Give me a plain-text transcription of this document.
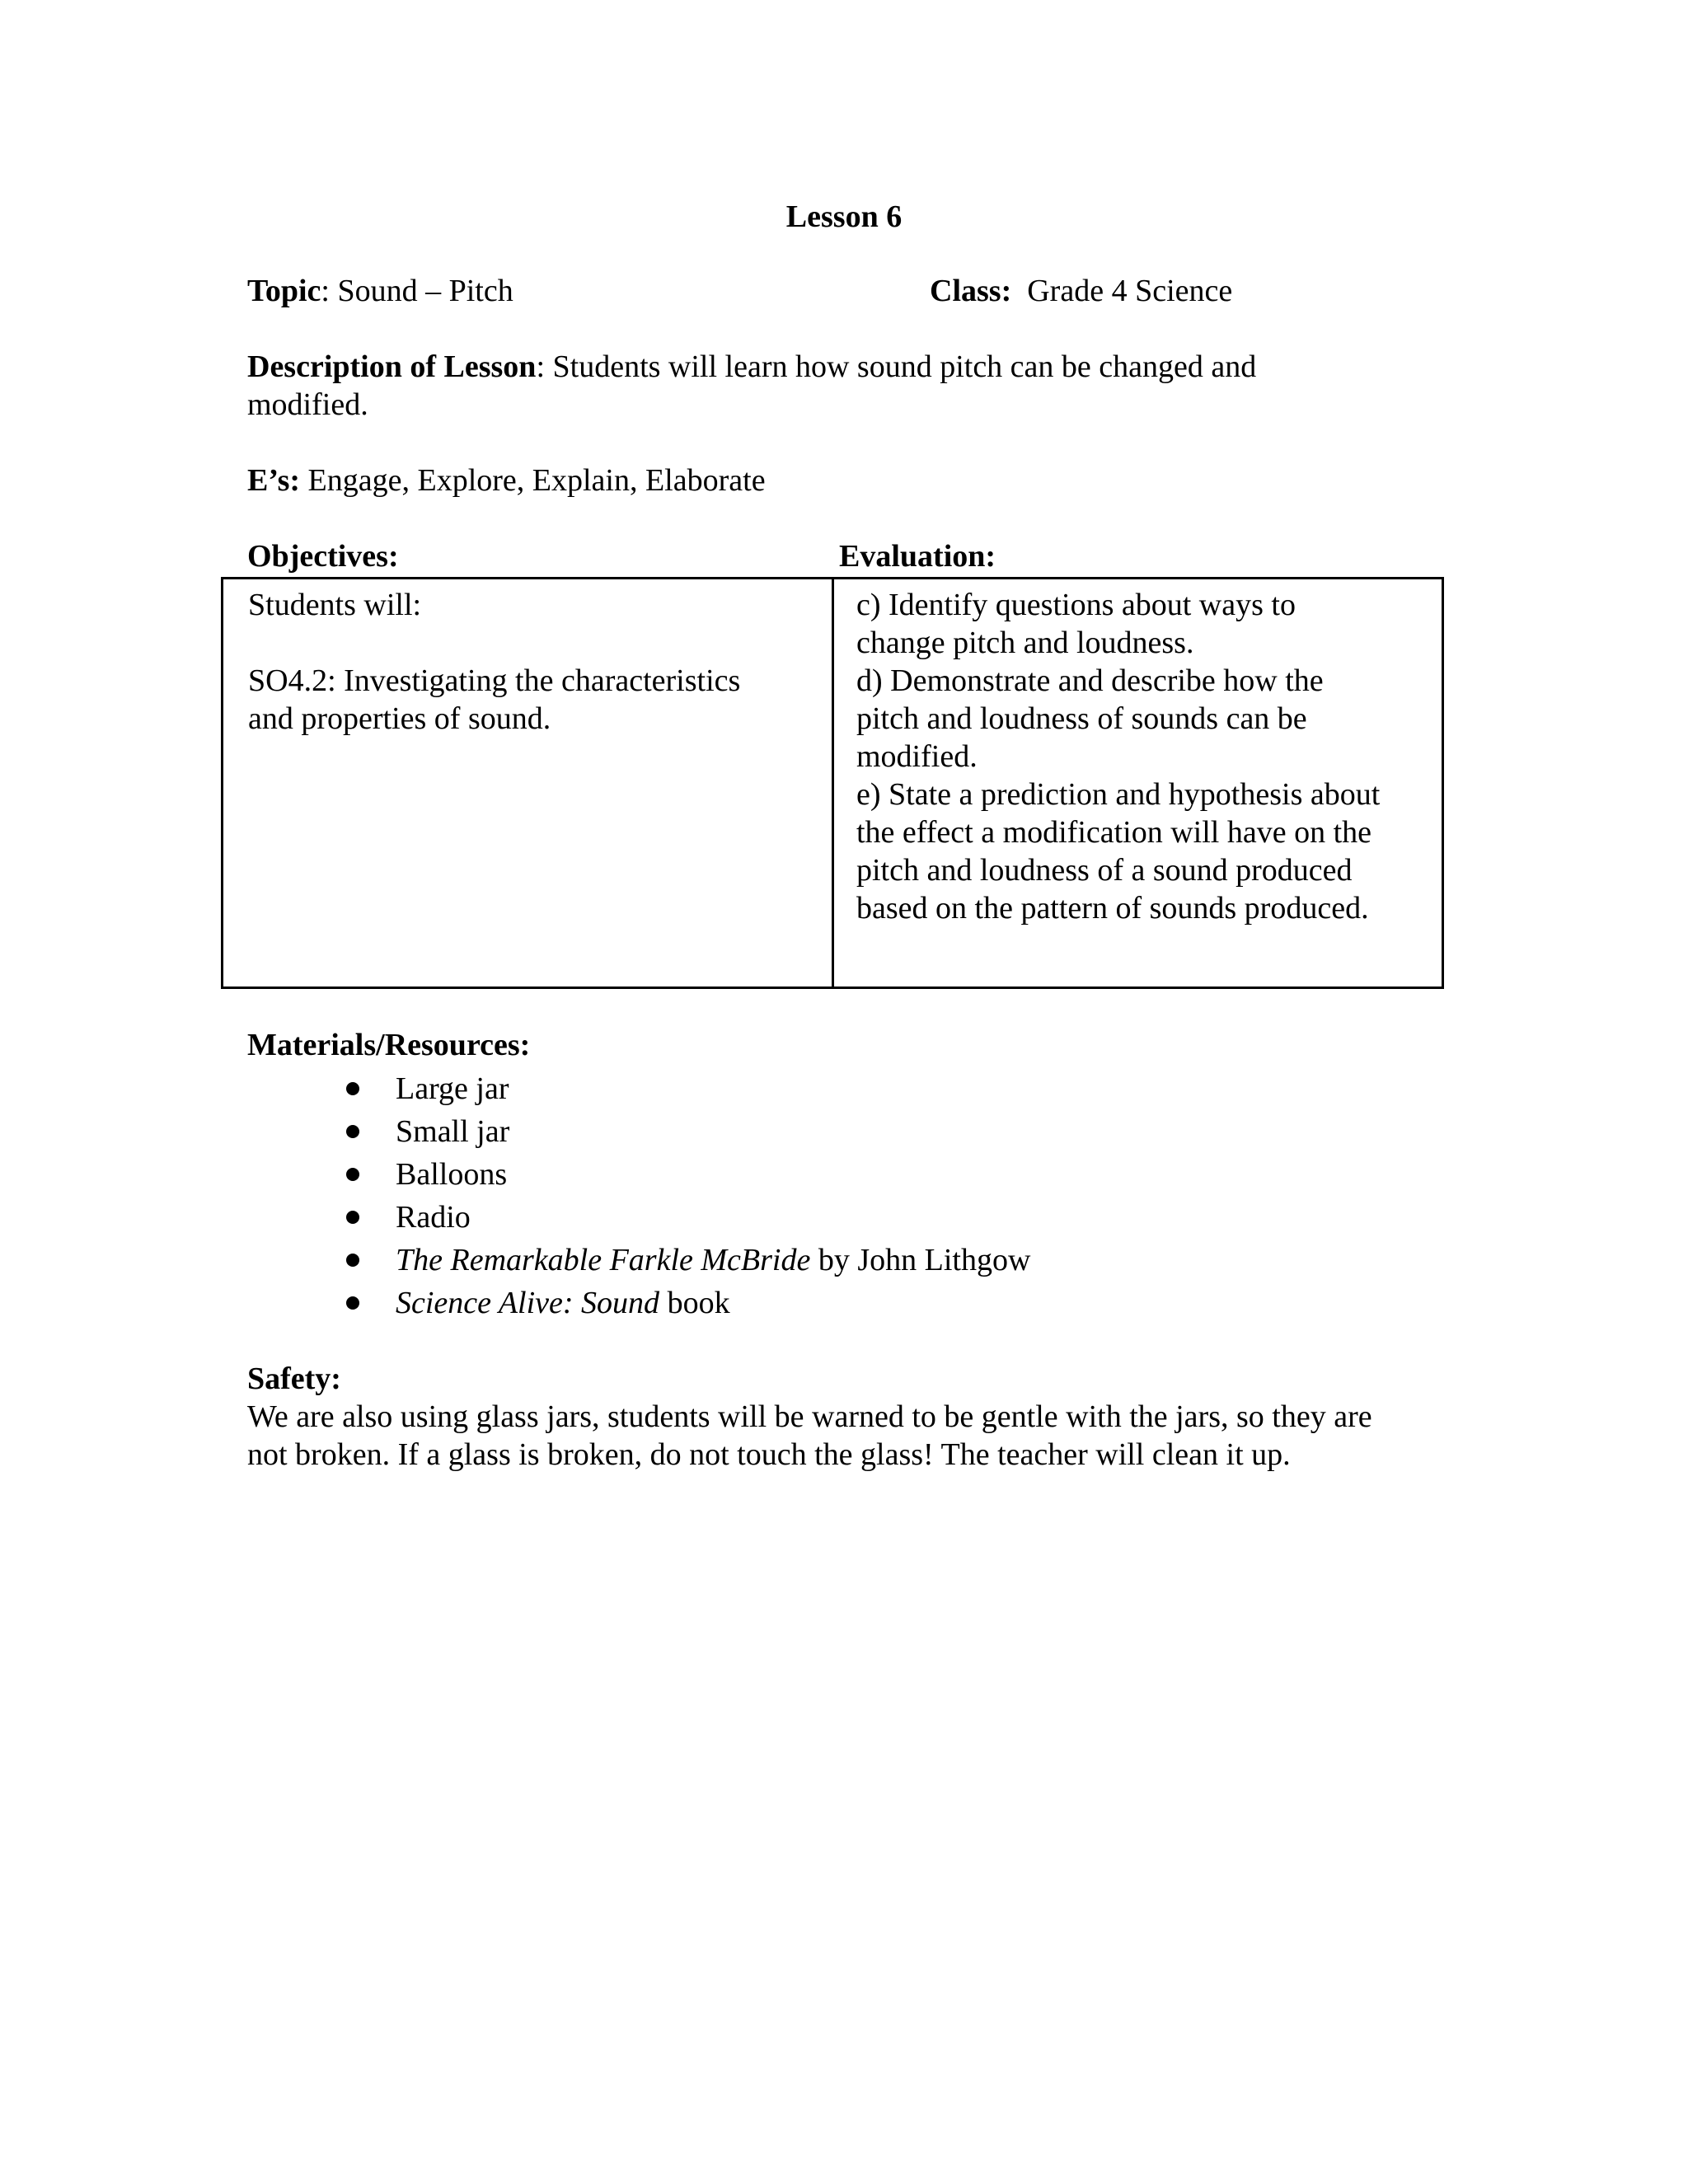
Lesson 6
Topic: Sound – Pitch	Class: Grade 4 Science
Description of Lesson: Students will learn how sound pitch can be changed and
modified.
E’s: Engage, Explore, Explain, Elaborate
Objectives:	Evaluation:
Students will:
SO4.2: Investigating the characteristics
and properties of sound.
c) Identify questions about ways to
change pitch and loudness.
d) Demonstrate and describe how the
pitch and loudness of sounds can be
modified.
e) State a prediction and hypothesis about
the effect a modification will have on the
pitch and loudness of a sound produced
based on the pattern of sounds produced.
Materials/Resources:
Large jar
Small jar
Balloons
Radio
The Remarkable Farkle McBride by John Lithgow
Science Alive: Sound book
Safety:
We are also using glass jars, students will be warned to be gentle with the jars, so they are
not broken. If a glass is broken, do not touch the glass! The teacher will clean it up.
